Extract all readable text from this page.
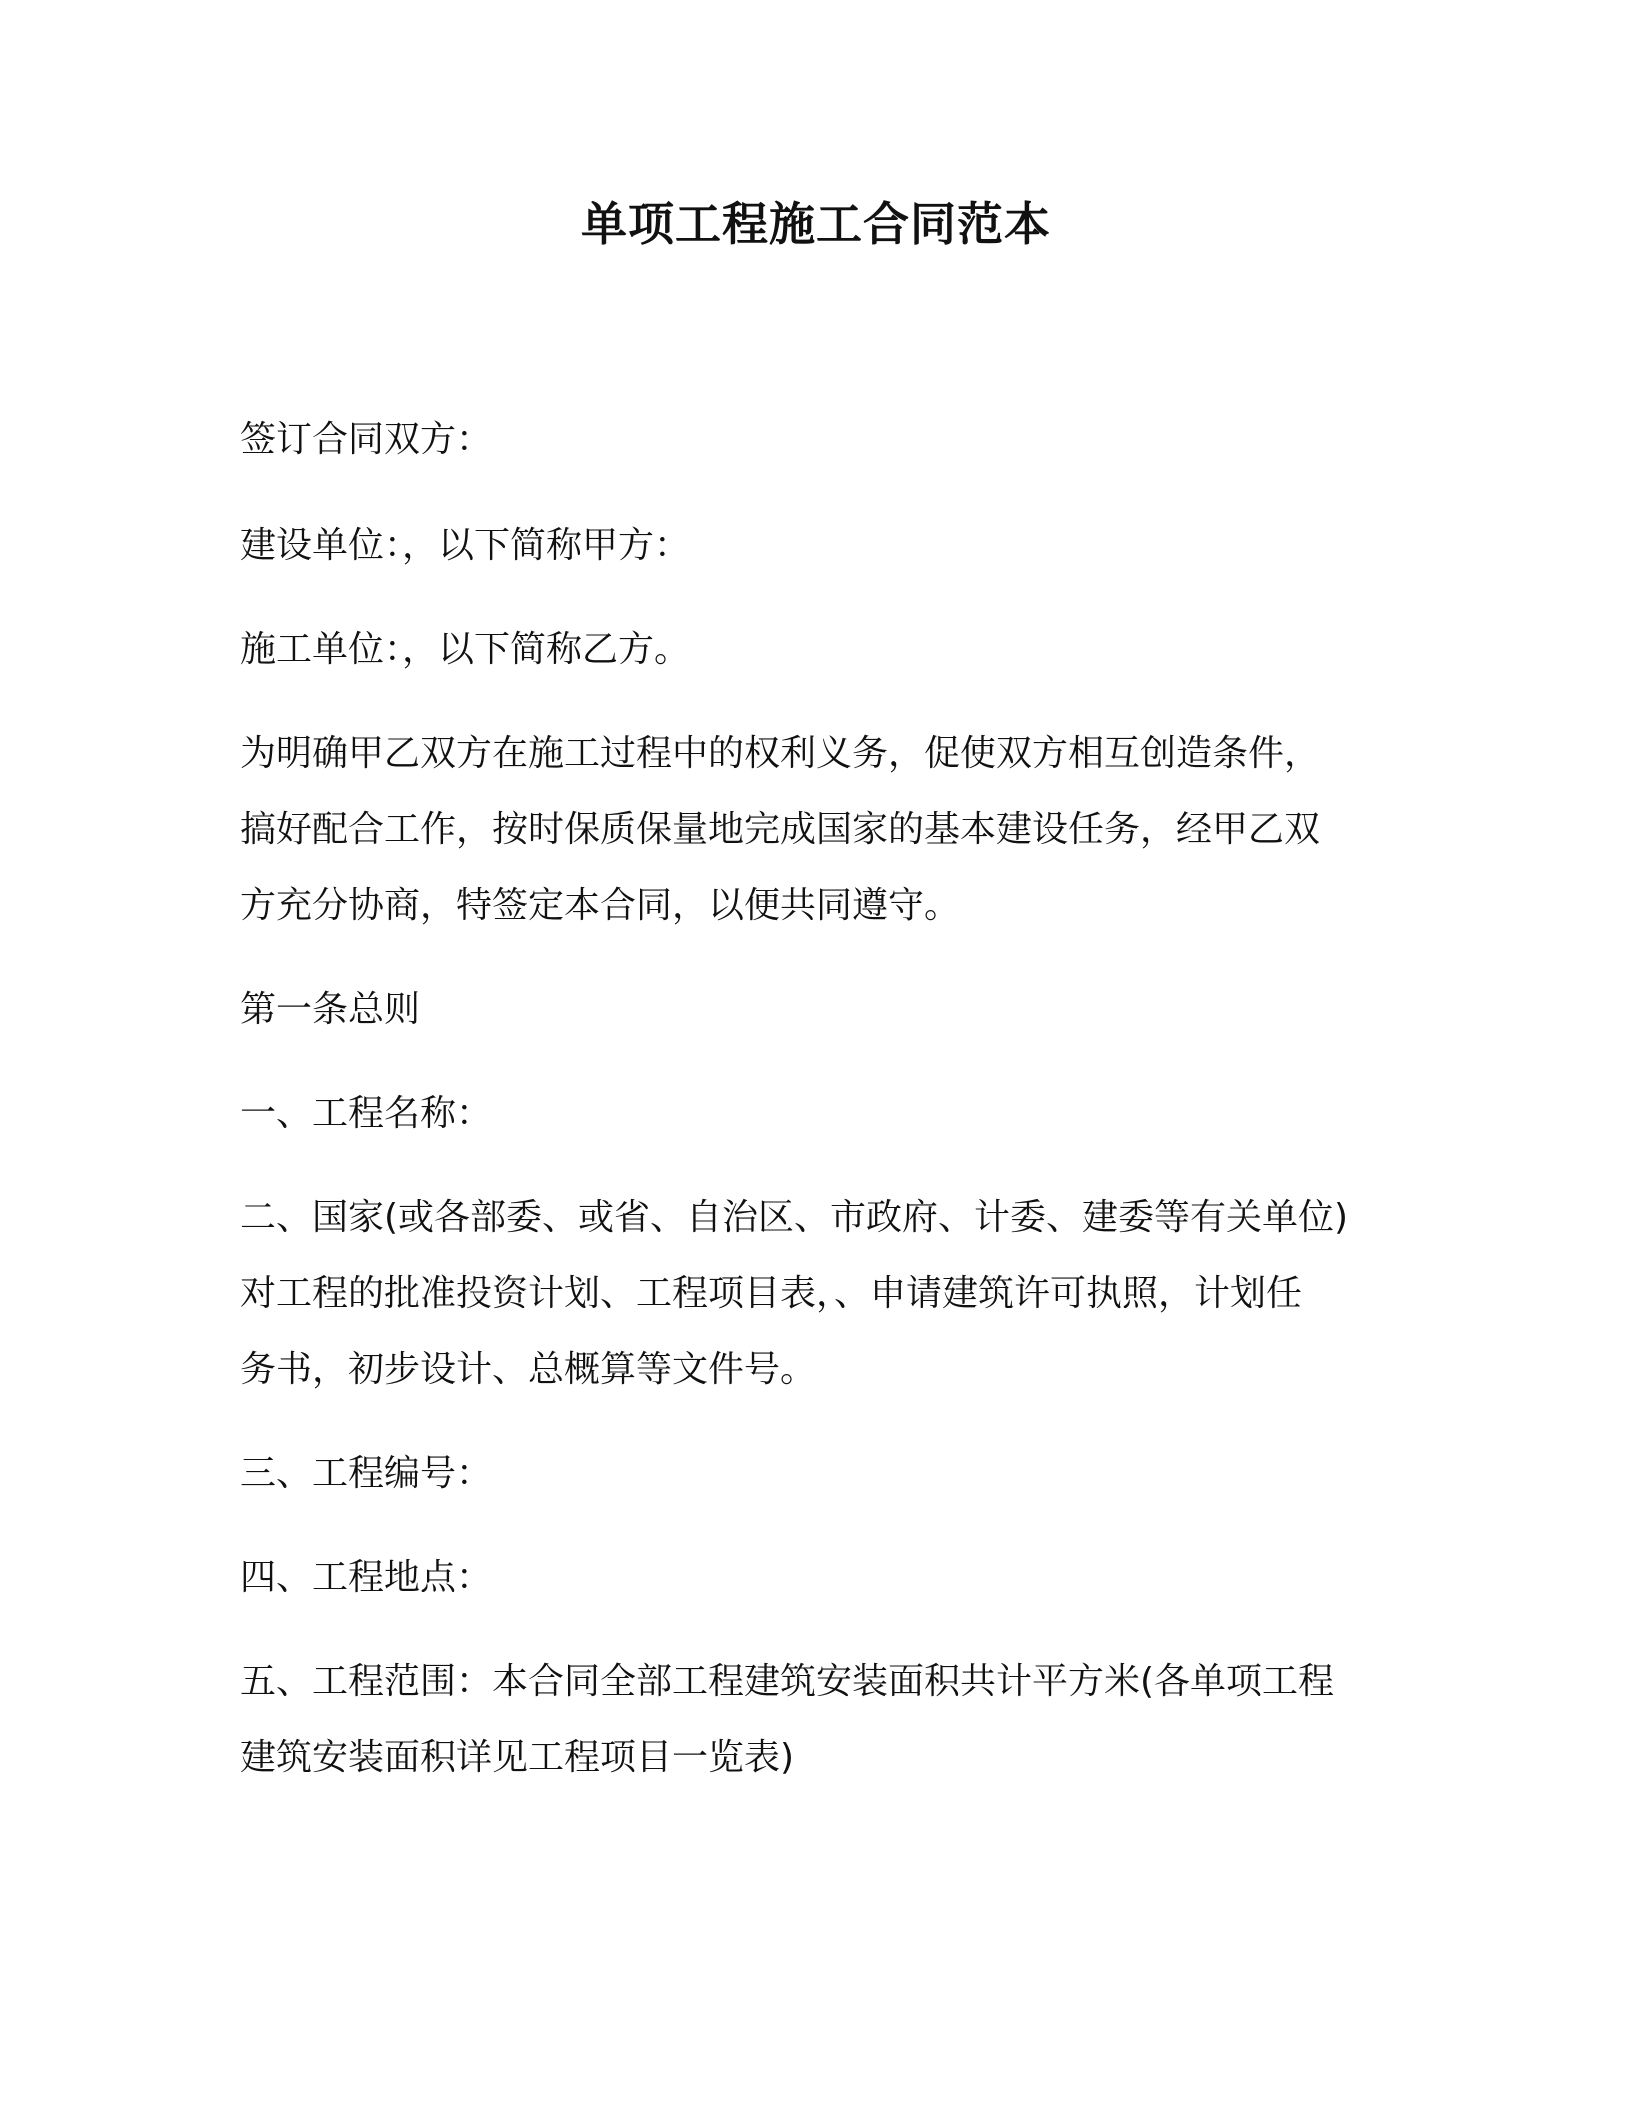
单项工程施工合同范本
签订合同双方：
建设单位：，以下简称甲方：
施工单位：，以下简称乙方。
为明确甲乙双方在施工过程中的权利义务，促使双方相互创造条件，
搞好配合工作，按时保质保量地完成国家的基本建设任务，经甲乙双
方充分协商，特签定本合同，以便共同遵守。
第一条总则
一、工程名称：
二、国家(或各部委、或省、自治区、市政府、计委、建委等有关单位)
对工程的批准投资计划、工程项目表，、申请建筑许可执照，计划任
务书，初步设计、总概算等文件号。
三、工程编号：
四、工程地点：
五、工程范围：本合同全部工程建筑安装面积共计平方米(各单项工程
建筑安装面积详见工程项目一览表)
